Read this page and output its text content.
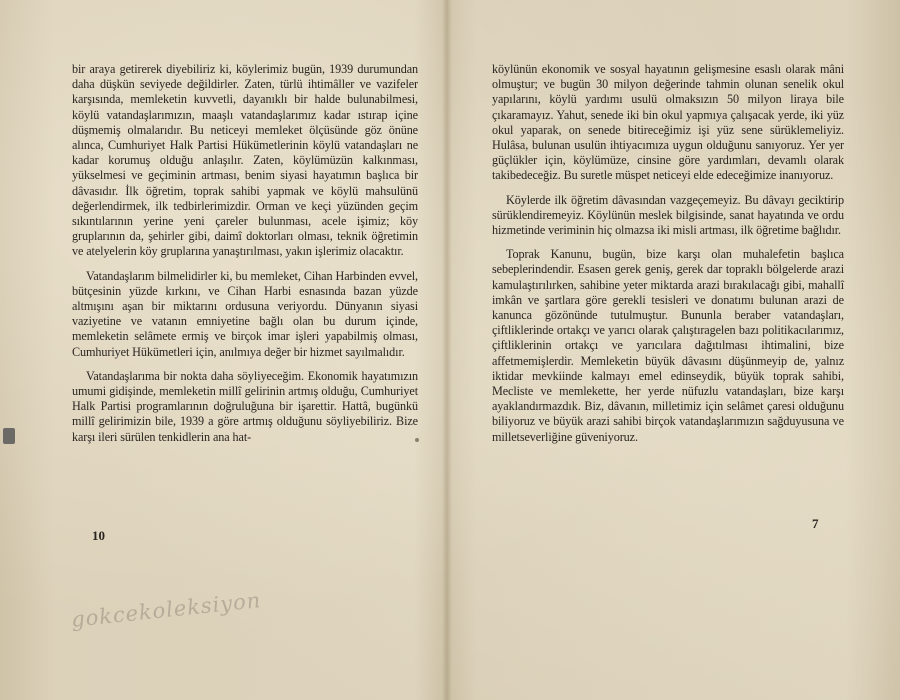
bir araya getirerek diyebiliriz ki, köylerimiz bugün, 1939 durumundan daha düşkün seviyede değildirler. Zaten, türlü ihtimâller ve vazifeler karşısında, memleketin kuvvetli, dayanıklı bir halde bulunabilmesi, köylü vatandaşlarımızın, maaşlı vatandaşlarımız kadar ıstırap içine düşmemiş olmalarıdır. Bu neticeyi memleket ölçüsünde göz önüne alınca, Cumhuriyet Halk Partisi Hükümetlerinin köylü vatandaşları ne kadar korumuş olduğu anlaşılır. Zaten, köylümüzün kalkınması, yükselmesi ve geçiminin artması, benim siyasi hayatımın başlıca bir dâvasıdır. İlk öğretim, toprak sahibi yapmak ve köylü mahsulünü değerlendirmek, ilk tedbirlerimizdir. Orman ve keçi yüzünden geçim sıkıntılarının yerine yeni çareler bulunması, acele işimiz; köy gruplarının da, şehirler gibi, daimî doktorları olması, teknik öğretimin ve atelyelerin köy gruplarına yanaştırılması, yakın işlerimiz olacaktır.

Vatandaşlarım bilmelidirler ki, bu memleket, Cihan Harbinden evvel, bütçesinin yüzde kırkını, ve Cihan Harbi esnasında bazan yüzde altmışını aşan bir miktarını ordusuna veriyordu. Dünyanın siyasi vaziyetine ve vatanın emniyetine bağlı olan bu durum içinde, memleketin selâmete ermiş ve birçok imar işleri yapabilmiş olması, Cumhuriyet Hükümetleri için, anılmıya değer bir hizmet sayılmalıdır.

Vatandaşlarıma bir nokta daha söyliyeceğim. Ekonomik hayatımızın umumi gidişinde, memleketin millî gelirinin artmış olduğu, Cumhuriyet Halk Partisi programlarının doğruluğuna bir işarettir. Hattâ, bugünkü millî gelirimizin bile, 1939 a göre artmış olduğunu söyliyebiliriz. Bize karşı ileri sürülen tenkidlerin ana hat-

10

köylünün ekonomik ve sosyal hayatının gelişmesine esaslı olarak mâni olmuştur; ve bugün 30 milyon değerinde tahmin olunan senelik okul yapılarını, köylü yardımı usulü olmaksızın 50 milyon liraya bile çıkaramayız. Yahut, senede iki bin okul yapmıya çalışacak yerde, iki yüz okul yaparak, on senede bitireceğimiz işi yüz sene sürüklemeliyiz. Hulâsa, bulunan usulün ihtiyacımıza uygun olduğunu sanıyoruz. Yer yer güçlükler için, köylümüze, cinsine göre yardımları, devamlı olarak takibedeceğiz. Bu suretle müspet neticeyi elde edeceğimize inanıyoruz.

Köylerde ilk öğretim dâvasından vazgeçemeyiz. Bu dâvayı geciktirip sürüklendiremeyiz. Köylünün meslek bilgisinde, sanat hayatında ve ordu hizmetinde veriminin hiç olmazsa iki misli artması, ilk öğretime bağlıdır.

Toprak Kanunu, bugün, bize karşı olan muhalefetin başlıca sebeplerindendir. Esasen gerek geniş, gerek dar topraklı bölgelerde arazi kamulaştırılırken, sahibine yeter miktarda arazi bırakılacağı gibi, mahallî imkân ve şartlara göre gerekli tesisleri ve donatımı bulunan arazi de kanunca gözönünde tutulmuştur. Bununla beraber vatandaşları, çiftliklerinde ortakçı ve yarıcı olarak çalıştıragelen bazı politikacılarımız, çiftliklerinin ortakçı ve yarıcılara dağıtılması ihtimalini, bize affetmemişlerdir. Memleketin büyük dâvasını düşünmeyip de, yalnız iktidar mevkiinde kalmayı emel edinseydik, büyük toprak sahibi, Mecliste ve memlekette, her yerde nüfuzlu vatandaşları, bize karşı ayaklandırmazdık. Biz, dâvanın, milletimiz için selâmet çaresi olduğunu biliyoruz ve büyük arazi sahibi birçok vatandaşlarımızın sağduyusuna ve milletseverliğine güveniyoruz.

7
gokcekoleksiyon
